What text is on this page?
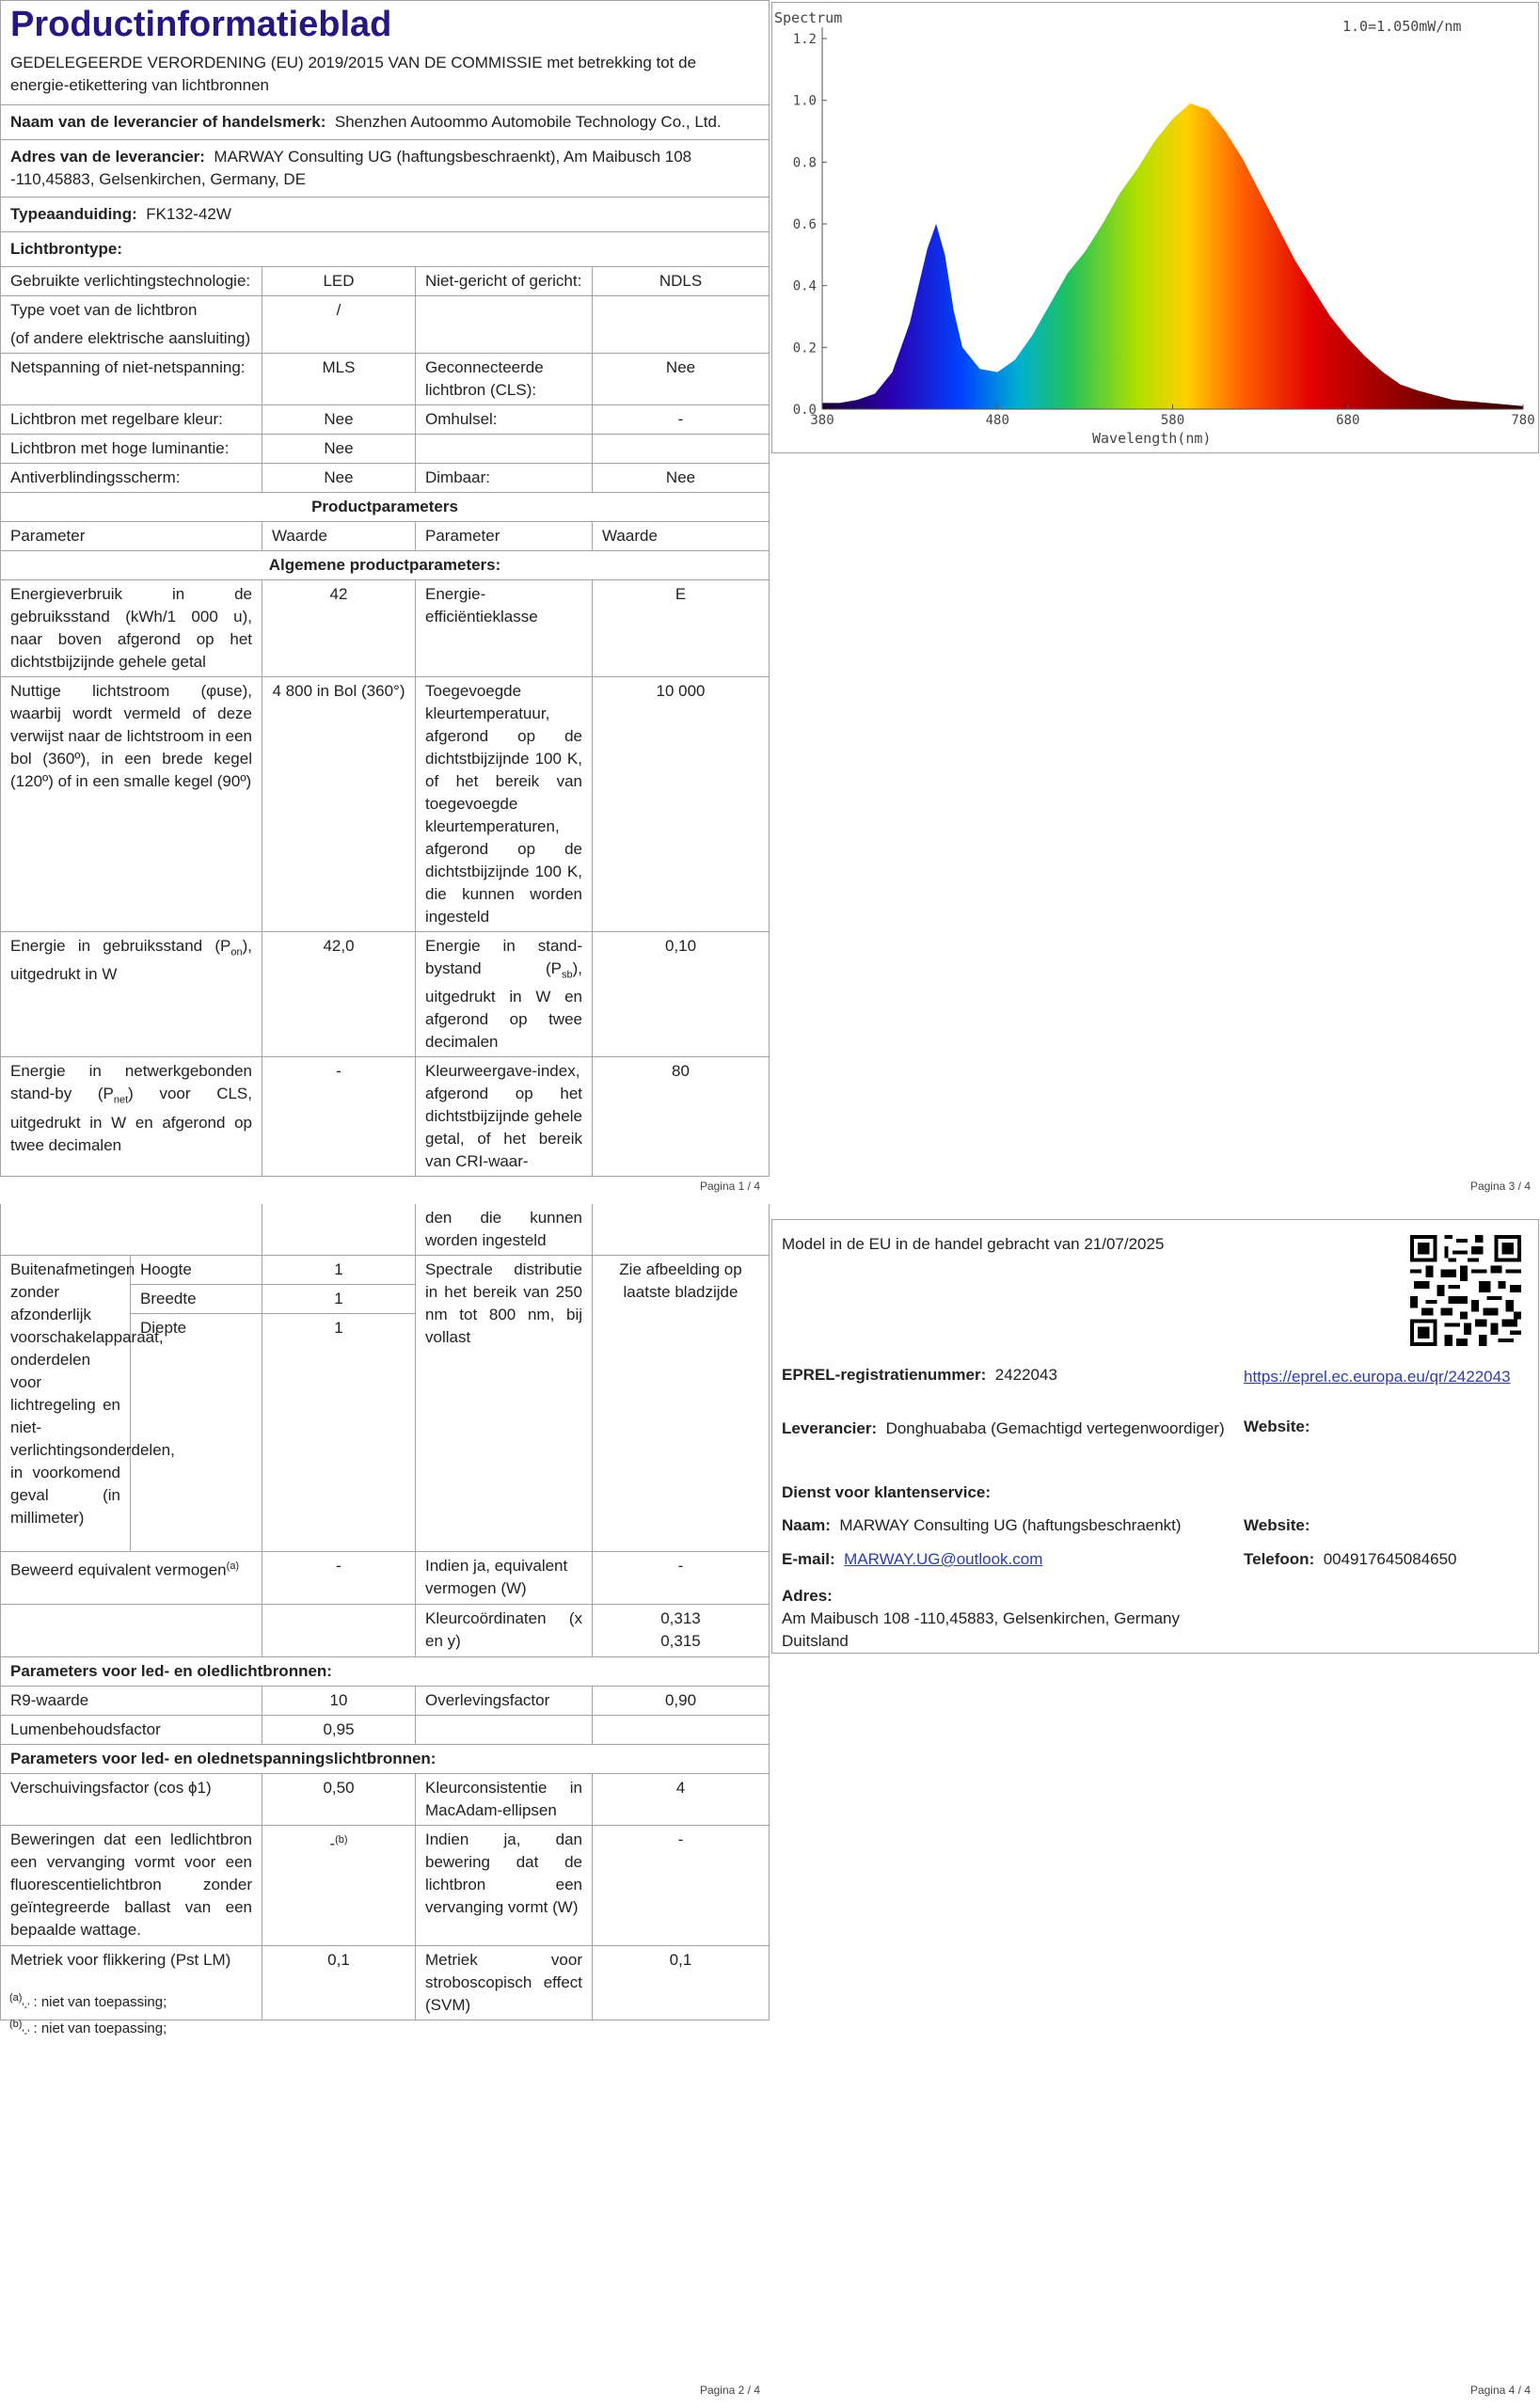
Productinformatieblad
GEDELEGEERDE VERORDENING (EU) 2019/2015 VAN DE COMMISSIE met betrekking tot de energie-etikettering van lichtbronnen			

Naam van de leverancier of handelsmerk: Shenzhen Autoommo Automobile Technology Co., Ltd.			
Adres van de leverancier: MARWAY Consulting UG (haftungsbeschraenkt), Am Maibusch 108 -110,45883, Gelsenkirchen, Germany, DE			
Typeaanduiding: FK132-42W			
Lichtbrontype:			
Gebruikte verlichtingstechnologie:	LED	Niet-gericht of gericht:	NDLS

Type voet van de lichtbron
(of andere elektrische aansluiting)	/		
Netspanning of niet-netspanning:	MLS	Geconnecteerde lichtbron (CLS):	Nee
Lichtbron met regelbare kleur:	Nee	Omhulsel:	-
Lichtbron met hoge luminantie:	Nee		
Antiverblindingsscherm:	Nee	Dimbaar:	Nee
Productparameters			
Parameter	Waarde	Parameter	Waarde
Algemene productparameters:			
Energieverbruik in de gebruiksstand (kWh/1 000 u), naar boven afgerond op het dichtstbijzijnde gehele getal	42	Energie-efficiëntieklasse	E
Nuttige lichtstroom (φuse), waarbij wordt vermeld of deze verwijst naar de lichtstroom in een bol (360º), in een brede kegel (120º) of in een smalle kegel (90º)	4 800 in Bol (360°)	Toegevoegde kleurtemperatuur, afgerond op de dichtstbijzijnde 100 K, of het bereik van toegevoegde kleurtemperaturen, afgerond op de dichtstbijzijnde 100 K, die kunnen worden ingesteld	10 000
Energie in gebruiksstand $(P_{on})$, uitgedrukt in W	42,0	Energie in stand-bystand $(P_{sb})$, uitgedrukt in W en afgerond op twee decimalen	0,10
Energie in netwerkgebonden stand-by $(P_{net})$ voor CLS, uitgedrukt in W en afgerond op twee decimalen	-	Kleurweergave-index, afgerond op het dichtstbijzijnde gehele getal, of het bereik van CRI-waar-	80
Pagina 1 / 4
0.0
0.2
0.4
0.6
0.8
1.0
1.2
380	480	580	680	780
Spectrum	1.0=1.050mW/nm
Wavelength(nm)
Pagina 3 / 4
			den die kunnen worden ingesteld	
Buitenafmetingen zonder afzonderlijk voorschakelapparaat, onderdelen voor lichtregeling en niet-verlichtingsonderdelen, in voorkomend geval (in millimeter)	Hoogte	1	Spectrale distributie in het bereik van 250 nm tot 800 nm, bij vollast	Zie afbeelding op laatste bladzijde
	Breedte	1		
	Diepte	1		
Beweerd equivalent vermogen$^{(a)}$		-	Indien ja, equivalent vermogen (W)	-
			Kleurcoördinaten (x en y)	0,313
0,315

Parameters voor led- en oledlichtbronnen:				
R9-waarde		10	Overlevingsfactor	0,90
Lumenbehoudsfactor		0,95		
Parameters voor led- en olednetspanningslichtbronnen:				
Verschuivingsfactor (cos ϕ1)		0,50	Kleurconsistentie in MacAdam-ellipsen	4
Beweringen dat een ledlichtbron een vervanging vormt voor een fluorescentielichtbron zonder geïntegreerde ballast van een bepaalde wattage.		-$^{(b)}$	Indien ja, dan bewering dat de lichtbron een vervanging vormt (W)	-
Metriek voor flikkering (Pst LM)		0,1	Metriek voor stroboscopisch effect (SVM)	0,1
$^{(a)}_{'-'}$ : niet van toepassing;
$^{(b)}_{'-'}$ : niet van toepassing;
Pagina 2 / 4
Model in de EU in de handel gebracht van 21/07/2025
EPREL-registratienummer: 2422043	https://eprel.ec.europa.eu/qr/2422043
Leverancier: Donghuababa (Gemachtigd vertegenwoordiger)	Website:
Dienst voor klantenservice:
Naam: MARWAY Consulting UG (haftungsbeschraenkt)	Website:
E-mail: MARWAY.UG@outlook.com	Telefoon: 004917645084650
Adres:
Am Maibusch 108 -110,45883, Gelsenkirchen, Germany
Duitsland
Pagina 4 / 4
